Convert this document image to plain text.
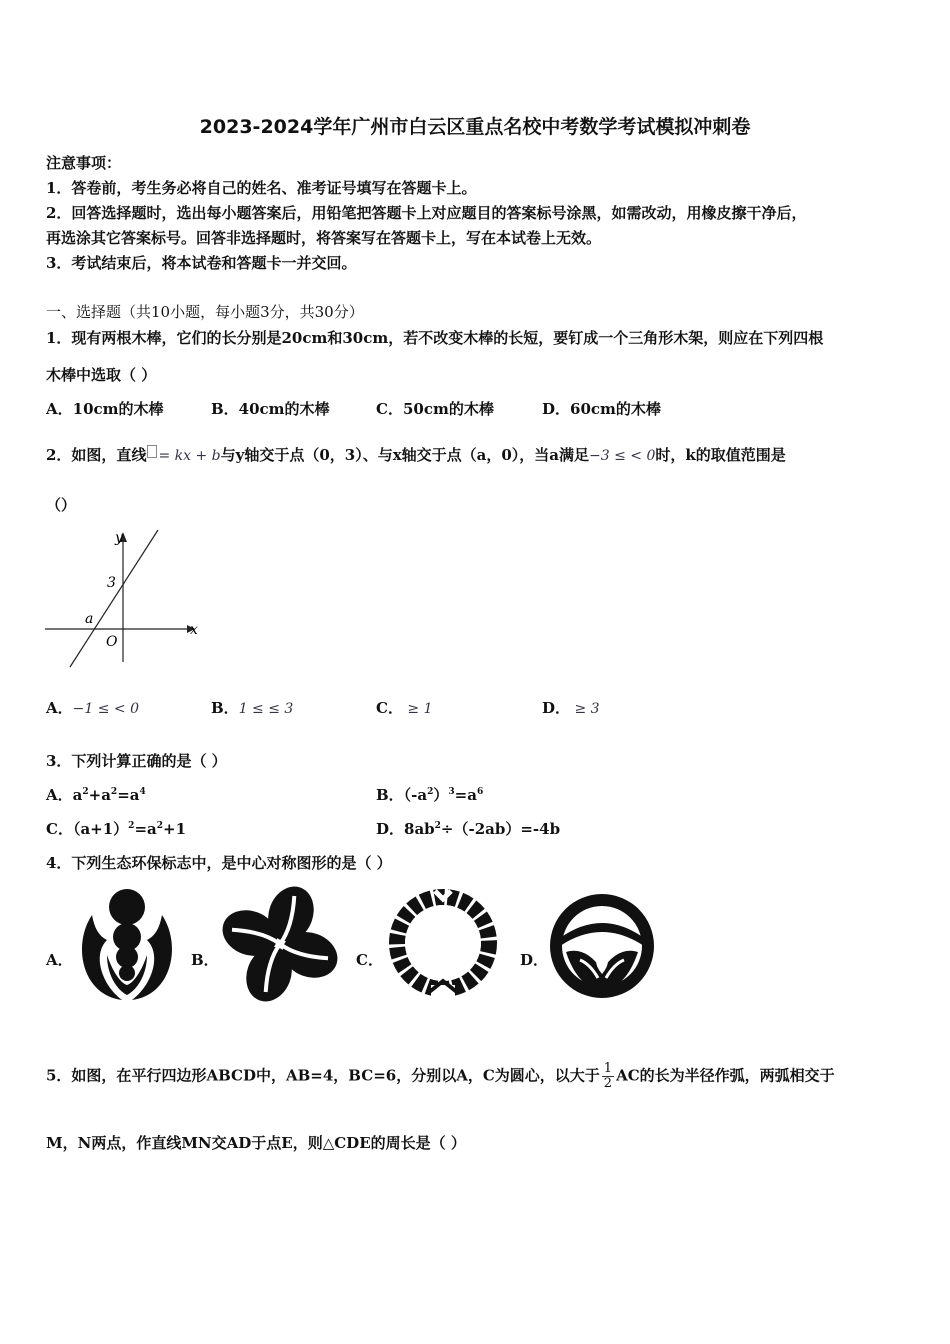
2023-2024学年广州市白云区重点名校中考数学考试模拟冲刺卷
注意事项：
1．答卷前，考生务必将自己的姓名、准考证号填写在答题卡上。
2．回答选择题时，选出每小题答案后，用铅笔把答题卡上对应题目的答案标号涂黑，如需改动，用橡皮擦干净后，
再选涂其它答案标号。回答非选择题时，将答案写在答题卡上，写在本试卷上无效。
3．考试结束后，将本试卷和答题卡一并交回。
一、选择题（共10小题，每小题3分，共30分）
1．现有两根木棒，它们的长分别是20cm和30cm，若不改变木棒的长短，要钉成一个三角形木架，则应在下列四根
木棒中选取（ ）
A．10cm的木棒	B．40cm的木棒	C．50cm的木棒	D．60cm的木棒
2．如图，直线 = kx + b与y轴交于点（0，3）、与x轴交于点（a，0），当a满足−3 ≤ < 0时，k的取值范围是
（）
y
x
3
a
O
A．−1 ≤ < 0	B．1 ≤ ≤ 3	C． ≥ 1	D． ≥ 3
3．下列计算正确的是（ ）
A．$a^2+a^2=a^4$	B．$(-a^2)^3=a^6$
C．$(a+1)^2=a^2+1$	D．$8ab^2\div(-2ab)=-4b$
4．下列生态环保标志中，是中心对称图形的是（ ）
A．	B．	C．	D．
5．如图，在平行四边形ABCD中，AB=4，BC=6，分别以A，C为圆心，以大于 $\frac{1}{2}$ AC的长为半径作弧，两弧相交于
M，N两点，作直线MN交AD于点E，则△CDE的周长是（ ）
